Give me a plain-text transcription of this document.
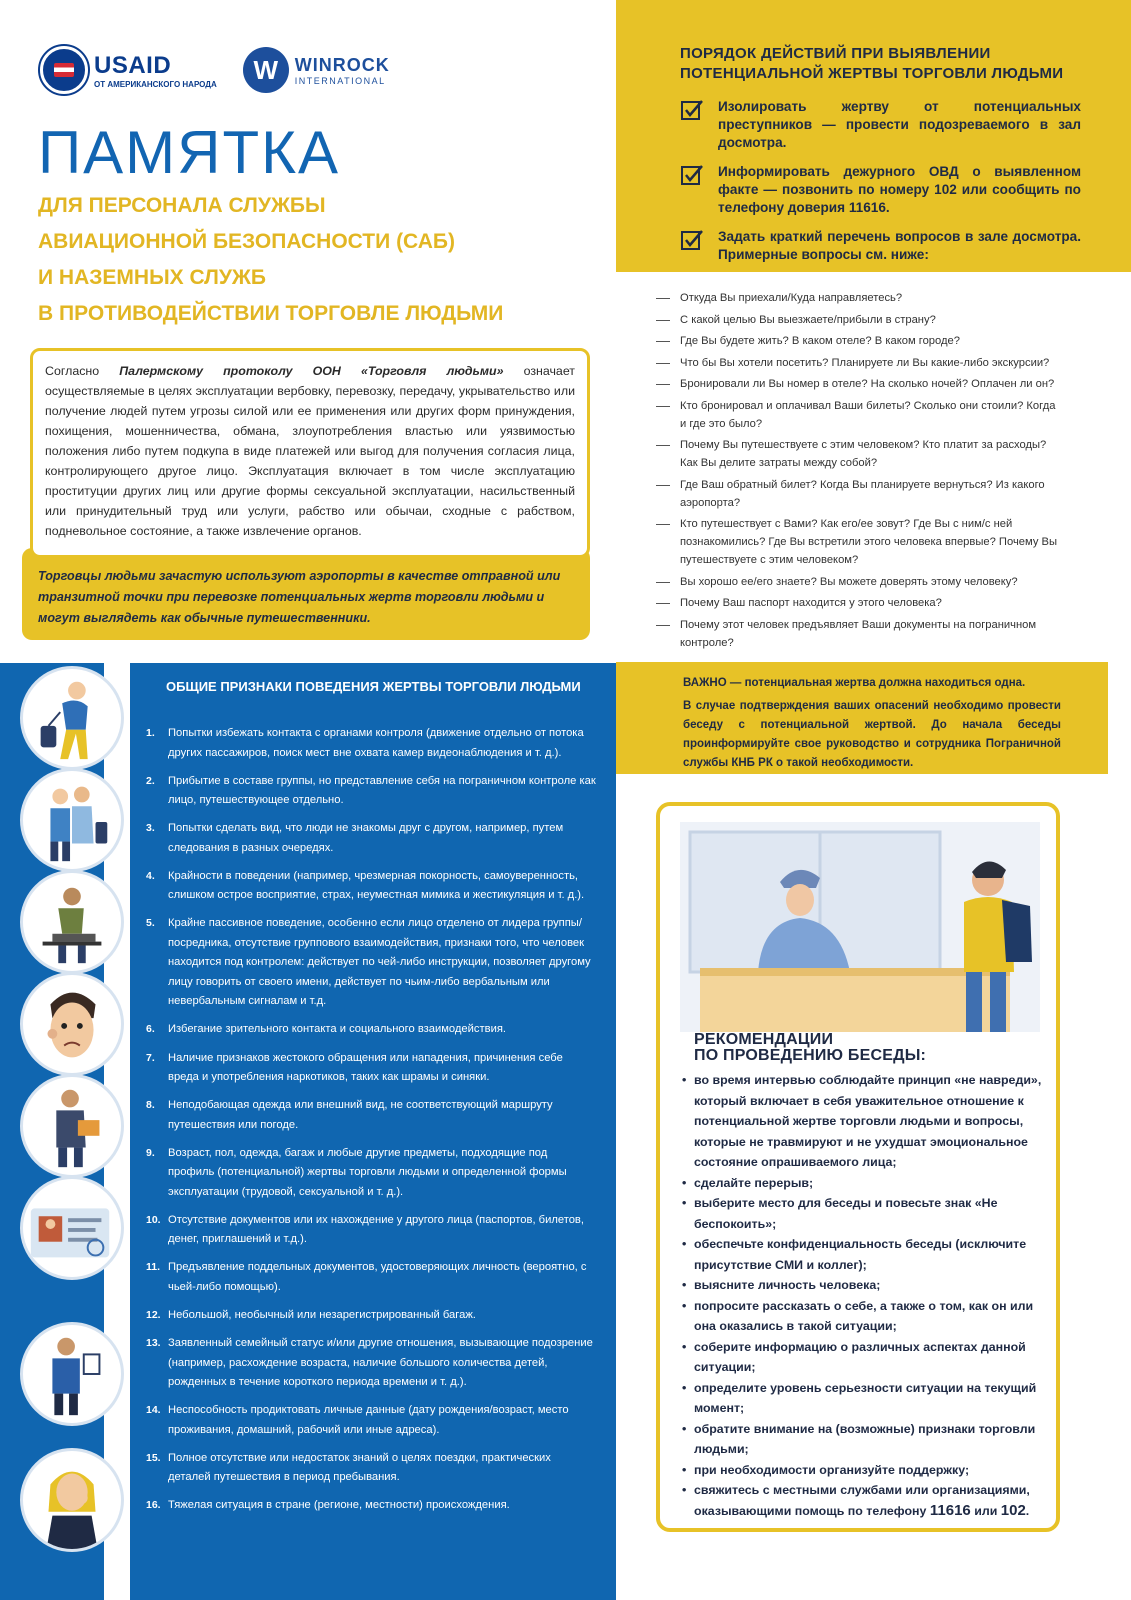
USAID
ОТ АМЕРИКАНСКОГО НАРОДА	W WINROCK
INTERNATIONAL
ПАМЯТКА
ДЛЯ ПЕРСОНАЛА СЛУЖБЫ
АВИАЦИОННОЙ БЕЗОПАСНОСТИ (САБ)
И НАЗЕМНЫХ СЛУЖБ
В ПРОТИВОДЕЙСТВИИ ТОРГОВЛЕ ЛЮДЬМИ
Согласно Палермскому протоколу ООН «Торговля людьми» означает осуществляемые в целях эксплуатации вербовку, перевозку, передачу, укрывательство или получение людей путем угрозы силой или ее применения или других форм принуждения, похищения, мошенничества, обмана, злоупотребления властью или уязвимостью положения либо путем подкупа в виде платежей или выгод для получения согласия лица, контролирующего другое лицо. Эксплуатация включает в том числе эксплуатацию проституции других лиц или другие формы сексуальной эксплуатации, насильственный или принудительный труд или услуги, рабство или обычаи, сходные с рабством, подневольное состояние, а также извлечение органов.
Торговцы людьми зачастую используют аэропорты в качестве отправной или транзитной точки при перевозке потенциальных жертв торговли людьми и могут выглядеть как обычные путешественники.
ПОРЯДОК ДЕЙСТВИЙ ПРИ ВЫЯВЛЕНИИ ПОТЕНЦИАЛЬНОЙ ЖЕРТВЫ ТОРГОВЛИ ЛЮДЬМИ
Изолировать жертву от потенциальных преступников — провести подозреваемого в зал досмотра.
Информировать дежурного ОВД о выявленном факте — позвонить по номеру 102 или сообщить по телефону доверия 11616.
Задать краткий перечень вопросов в зале досмотра. Примерные вопросы см. ниже:
Откуда Вы приехали/Куда направляетесь?
С какой целью Вы выезжаете/прибыли в страну?
Где Вы будете жить? В каком отеле? В каком городе?
Что бы Вы хотели посетить? Планируете ли Вы какие-либо экскурсии?
Бронировали ли Вы номер в отеле? На сколько ночей? Оплачен ли он?
Кто бронировал и оплачивал Ваши билеты? Сколько они стоили? Когда и где это было?
Почему Вы путешествуете с этим человеком? Кто платит за расходы? Как Вы делите затраты между собой?
Где Ваш обратный билет? Когда Вы планируете вернуться? Из какого аэропорта?
Кто путешествует с Вами? Как его/ее зовут? Где Вы с ним/с ней познакомились? Где Вы встретили этого человека впервые? Почему Вы путешествуете с этим человеком?
Вы хорошо ее/его знаете? Вы можете доверять этому человеку?
Почему Ваш паспорт находится у этого человека?
Почему этот человек предъявляет Ваши документы на пограничном контроле?

ВАЖНО — потенциальная жертва должна находиться одна.

В случае подтверждения ваших опасений необходимо провести беседу с потенциальной жертвой. До начала беседы проинформируйте свое руководство и сотрудника Пограничной службы КНБ РК о такой необходимости.

ОБЩИЕ ПРИЗНАКИ ПОВЕДЕНИЯ ЖЕРТВЫ ТОРГОВЛИ ЛЮДЬМИ
1.	Попытки избежать контакта с органами контроля (движение отдельно от потока других пассажиров, поиск мест вне охвата камер видеонаблюдения и т. д.).
2.	Прибытие в составе группы, но представление себя на пограничном контроле как лицо, путешествующее отдельно.
3.	Попытки сделать вид, что люди не знакомы друг с другом, например, путем следования в разных очередях.
4.	Крайности в поведении (например, чрезмерная покорность, самоуверенность, слишком острое восприятие, страх, неуместная мимика и жестикуляция и т. д.).
5.	Крайне пассивное поведение, особенно если лицо отделено от лидера группы/посредника, отсутствие группового взаимодействия, признаки того, что человек находится под контролем: действует по чей-либо инструкции, позволяет другому лицу говорить от своего имени, действует по чьим-либо вербальным или невербальным сигналам и т.д.
6.	Избегание зрительного контакта и социального взаимодействия.
7.	Наличие признаков жестокого обращения или нападения, причинения себе вреда и употребления наркотиков, таких как шрамы и синяки.
8.	Неподобающая одежда или внешний вид, не соответствующий маршруту путешествия или погоде.
9.	Возраст, пол, одежда, багаж и любые другие предметы, подходящие под профиль (потенциальной) жертвы торговли людьми и определенной формы эксплуатации (трудовой, сексуальной и т. д.).
10. Отсутствие документов или их нахождение у другого лица (паспортов, билетов, денег, приглашений и т.д.).
11. Предъявление поддельных документов, удостоверяющих личность (вероятно, с чьей-либо помощью).
12. Небольшой, необычный или незарегистрированный багаж.
13. Заявленный семейный статус и/или другие отношения, вызывающие подозрение (например, расхождение возраста, наличие большого количества детей, рожденных в течение короткого периода времени и т. д.).
14. Неспособность продиктовать личные данные (дату рождения/возраст, место проживания, домашний, рабочий или иные адреса).
15. Полное отсутствие или недостаток знаний о целях поездки, практических деталей путешествия в период пребывания.
16. Тяжелая ситуация в стране (регионе, местности) происхождения.
РЕКОМЕНДАЦИИ
ПО ПРОВЕДЕНИЮ БЕСЕДЫ:
• во время интервью соблюдайте принцип «не навреди», который включает в себя уважительное отношение к потенциальной жертве торговли людьми и вопросы, которые не травмируют и не ухудшат эмоциональное состояние опрашиваемого лица;
• сделайте перерыв;
• выберите место для беседы и повесьте знак «Не беспокоить»;
• обеспечьте конфиденциальность беседы (исключите присутствие СМИ и коллег);
• выясните личность человека;
• попросите рассказать о себе, а также о том, как он или она оказались в такой ситуации;
• соберите информацию о различных аспектах данной ситуации;
• определите уровень серьезности ситуации на текущий момент;
• обратите внимание на (возможные) признаки торговли людьми;
• при необходимости организуйте поддержку;
• свяжитесь с местными службами или организациями, оказывающими помощь по телефону 11616 или 102.
